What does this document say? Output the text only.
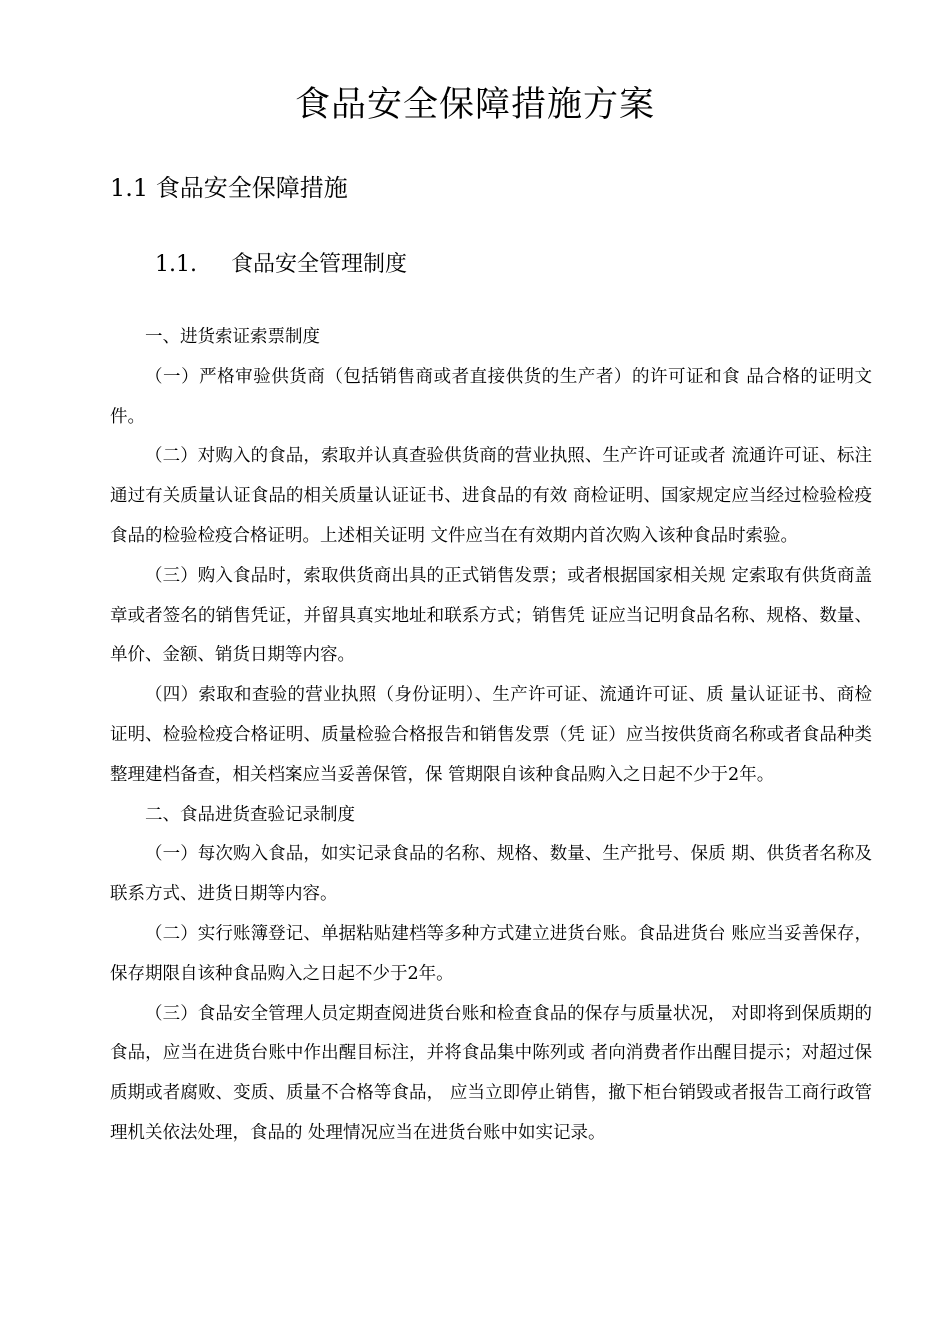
食品安全保障措施方案
1.1 食品安全保障措施
1.1. 食品安全管理制度

一、进货索证索票制度

（一）严格审验供货商（包括销售商或者直接供货的生产者）的许可证和食 品合格的证明文件。

（二）对购入的食品，索取并认真查验供货商的营业执照、生产许可证或者 流通许可证、标注通过有关质量认证食品的相关质量认证证书、进食品的有效 商检证明、国家规定应当经过检验检疫食品的检验检疫合格证明。上述相关证明 文件应当在有效期内首次购入该种食品时索验。

（三）购入食品时，索取供货商出具的正式销售发票；或者根据国家相关规 定索取有供货商盖章或者签名的销售凭证，并留具真实地址和联系方式；销售凭 证应当记明食品名称、规格、数量、单价、金额、销货日期等内容。

（四）索取和查验的营业执照（身份证明）、生产许可证、流通许可证、质 量认证证书、商检证明、检验检疫合格证明、质量检验合格报告和销售发票（凭 证）应当按供货商名称或者食品种类整理建档备查，相关档案应当妥善保管，保 管期限自该种食品购入之日起不少于2年。

二、食品进货查验记录制度

（一）每次购入食品，如实记录食品的名称、规格、数量、生产批号、保质 期、供货者名称及联系方式、进货日期等内容。

（二）实行账簿登记、单据粘贴建档等多种方式建立进货台账。食品进货台 账应当妥善保存，保存期限自该种食品购入之日起不少于2年。

（三）食品安全管理人员定期查阅进货台账和检查食品的保存与质量状况， 对即将到保质期的食品，应当在进货台账中作出醒目标注，并将食品集中陈列或 者向消费者作出醒目提示；对超过保质期或者腐败、变质、质量不合格等食品， 应当立即停止销售，撤下柜台销毁或者报告工商行政管理机关依法处理，食品的 处理情况应当在进货台账中如实记录。
